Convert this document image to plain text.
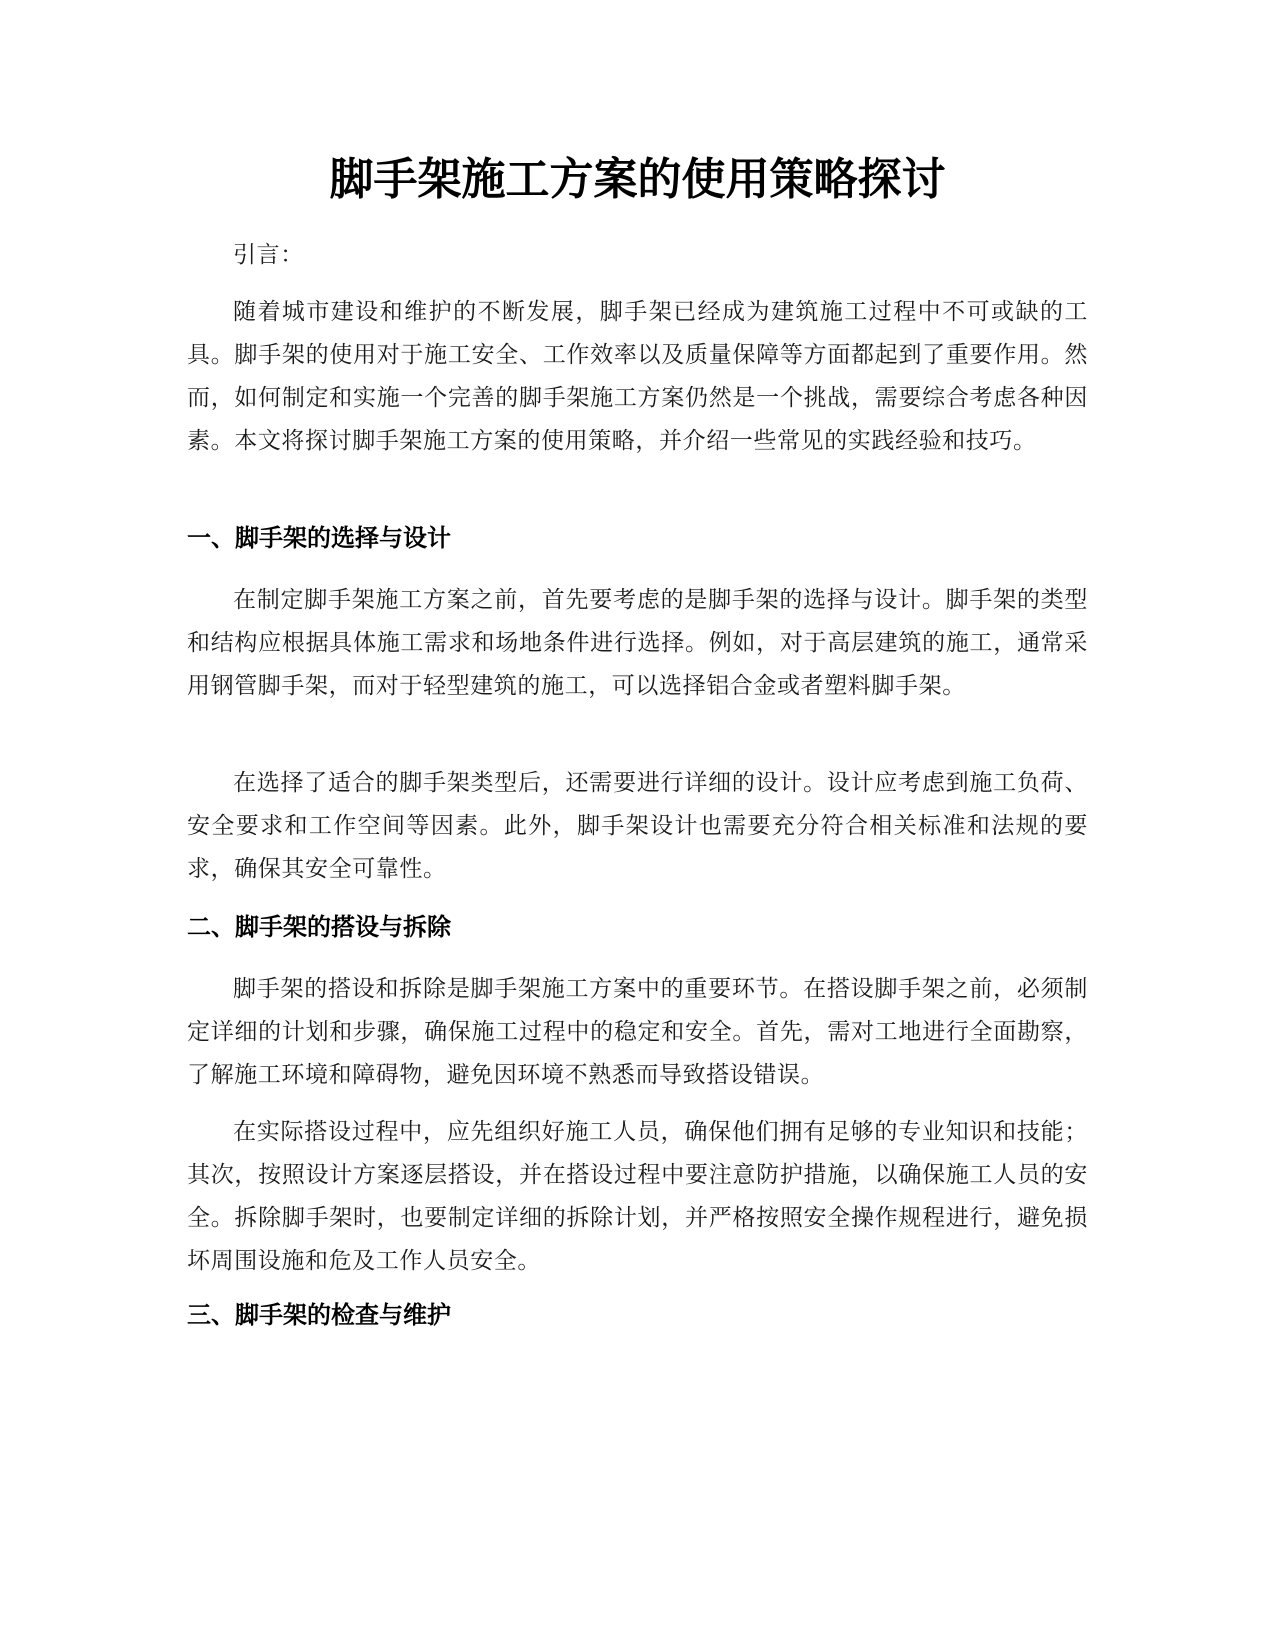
脚手架施工方案的使用策略探讨

引言：

随着城市建设和维护的不断发展，脚手架已经成为建筑施工过程中不可或缺的工具。脚手架的使用对于施工安全、工作效率以及质量保障等方面都起到了重要作用。然而，如何制定和实施一个完善的脚手架施工方案仍然是一个挑战，需要综合考虑各种因素。本文将探讨脚手架施工方案的使用策略，并介绍一些常见的实践经验和技巧。

一、脚手架的选择与设计

在制定脚手架施工方案之前，首先要考虑的是脚手架的选择与设计。脚手架的类型和结构应根据具体施工需求和场地条件进行选择。例如，对于高层建筑的施工，通常采用钢管脚手架，而对于轻型建筑的施工，可以选择铝合金或者塑料脚手架。

在选择了适合的脚手架类型后，还需要进行详细的设计。设计应考虑到施工负荷、安全要求和工作空间等因素。此外，脚手架设计也需要充分符合相关标准和法规的要求，确保其安全可靠性。

二、脚手架的搭设与拆除

脚手架的搭设和拆除是脚手架施工方案中的重要环节。在搭设脚手架之前，必须制定详细的计划和步骤，确保施工过程中的稳定和安全。首先，需对工地进行全面勘察，了解施工环境和障碍物，避免因环境不熟悉而导致搭设错误。

在实际搭设过程中，应先组织好施工人员，确保他们拥有足够的专业知识和技能；其次，按照设计方案逐层搭设，并在搭设过程中要注意防护措施，以确保施工人员的安全。拆除脚手架时，也要制定详细的拆除计划，并严格按照安全操作规程进行，避免损坏周围设施和危及工作人员安全。

三、脚手架的检查与维护
